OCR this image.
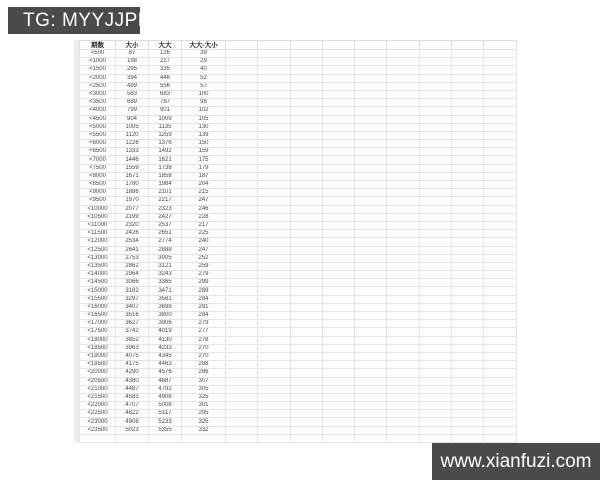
TG: MYYJJPP
期数	大小	大大	大大-大小									
<500	87	126	39									
<1000	198	227	29									
<1500	295	335	40									
<2000	394	446	52									
<2500	499	556	57									
<3000	583	683	100									
<3500	689	787	98									
<4000	799	901	102									
<4500	904	1009	105									
<5000	1005	1135	130									
<5500	1120	1259	139									
<6000	1226	1376	150									
<6500	1333	1492	159									
<7000	1446	1621	175									
<7500	1559	1738	179									
<8000	1671	1858	187									
<8500	1780	1984	204									
<9000	1886	2101	215									
<9500	1970	2217	247									
<10000	2077	2323	246									
<10500	2199	2427	228									
<11000	2320	2537	217									
<11500	2426	2651	225									
<12000	2534	2774	240									
<12500	2641	2888	247									
<13000	2753	3005	252									
<13500	2862	3121	259									
<14000	2964	3243	279									
<14500	3066	3365	299									
<15000	3182	3471	289									
<15500	3297	3581	284									
<16000	3407	3698	291									
<16500	3516	3800	284									
<17000	3627	3906	279									
<17500	3742	4019	277									
<18000	3852	4130	278									
<18500	3963	4233	270									
<19000	4075	4345	270									
<19500	4175	4463	288									
<20000	4290	4576	286									
<20500	4380	4687	307									
<21000	4487	4792	305									
<21500	4583	4908	325									
<22000	4707	5008	301									
<22500	4822	5117	295									
<23000	4908	5233	325									
<23500	5023	5355	332									

www.xianfuzi.com
